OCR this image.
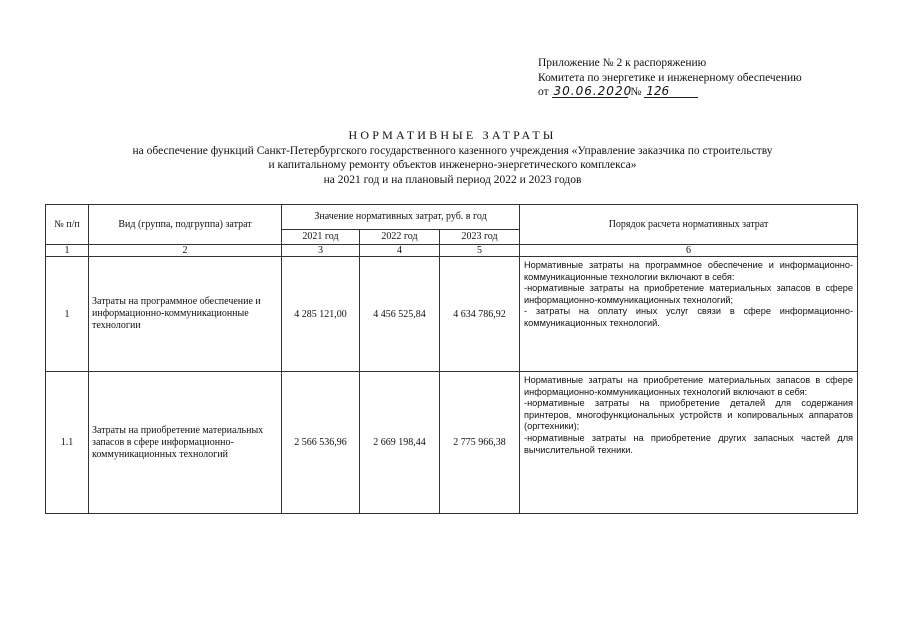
Приложение № 2 к распоряжению
Комитета по энергетике и инженерному обеспечению
от 30.06.2020 № 126
НОРМАТИВНЫЕ ЗАТРАТЫ
на обеспечение функций Санкт-Петербургского государственного казенного учреждения «Управление заказчика по строительству
и капитальному ремонту объектов инженерно-энергетического комплекса»
на 2021 год и на плановый период 2022 и 2023 годов
№ п/п	Вид (группа, подгруппа) затрат	Значение нормативных затрат, руб. в год			Порядок расчета нормативных затрат
		2021 год	2022 год	2023 год	
1	2	3	4	5	6
1	Затраты на программное обеспечение и информационно-коммуникационные технологии	4 285 121,00	4 456 525,84	4 634 786,92	Нормативные затраты на программное обеспечение и информационно-коммуникационные технологии включают в себя:
-нормативные затраты на приобретение материальных запасов в сфере информационно-коммуникационных технологий;
- затраты на оплату иных услуг связи в сфере информационно-коммуникационных технологий.

1.1	Затраты на приобретение материальных запасов в сфере информационно-коммуникационных технологий	2 566 536,96	2 669 198,44	2 775 966,38	Нормативные затраты на приобретение материальных запасов в сфере информационно-коммуникационных технологий включают в себя:
-нормативные затраты на приобретение деталей для содержания принтеров, многофункциональных устройств и копировальных аппаратов (оргтехники);
-нормативные затраты на приобретение других запасных частей для вычислительной техники.
